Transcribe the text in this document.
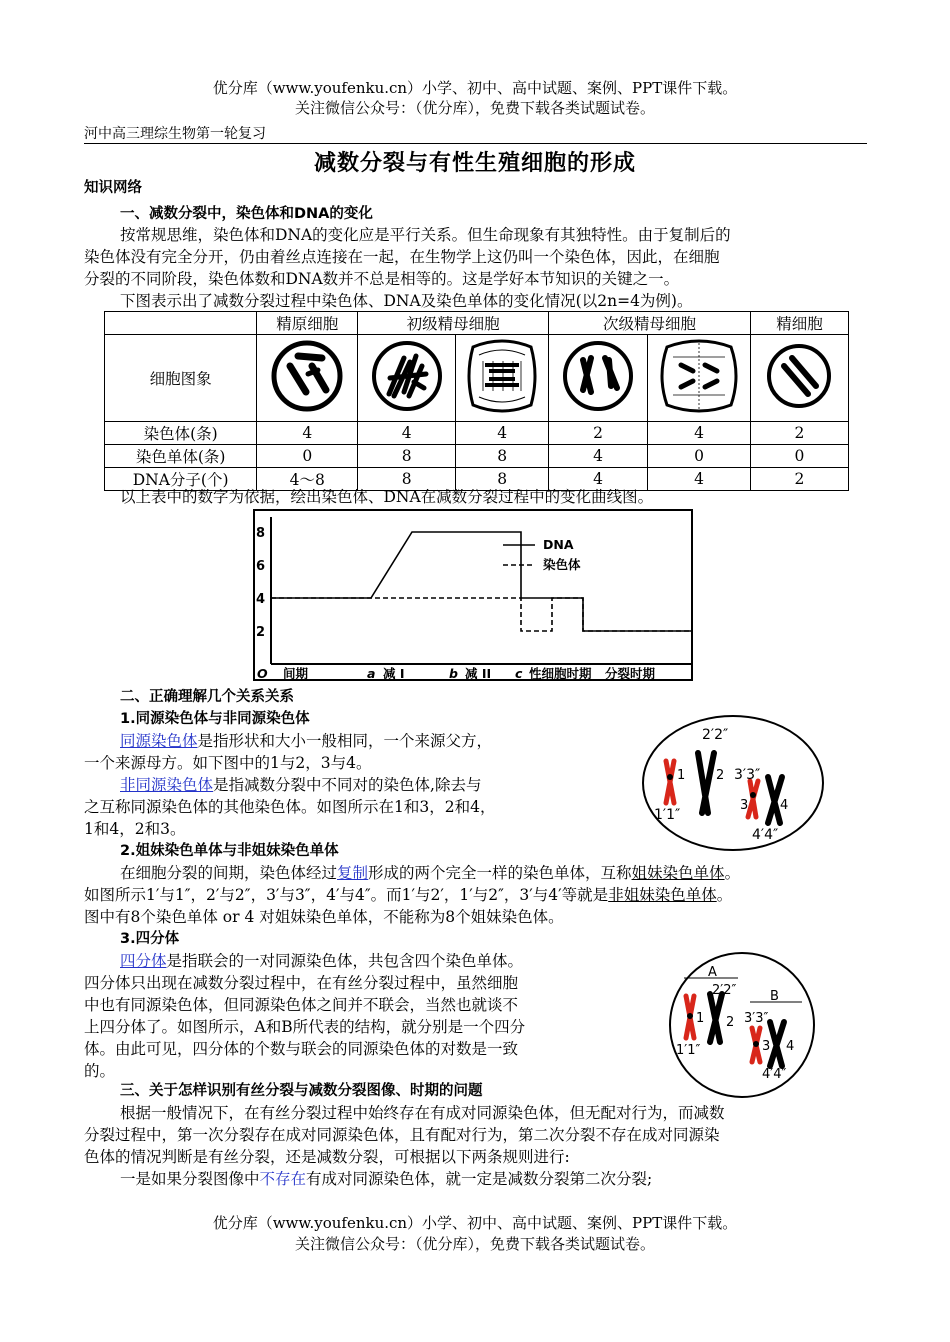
优分库（www.youfenku.cn）小学、初中、高中试题、案例、PPT课件下载。
关注微信公众号：（优分库），免费下载各类试题试卷。
河中高三理综生物第一轮复习
减数分裂与有性生殖细胞的形成
知识网络
一、减数分裂中，染色体和DNA的变化
按常规思维，染色体和DNA的变化应是平行关系。但生命现象有其独特性。由于复制后的
染色体没有完全分开，仍由着丝点连接在一起，在生物学上这仍叫一个染色体，因此，在细胞
分裂的不同阶段，染色体数和DNA数并不总是相等的。这是学好本节知识的关键之一。
下图表示出了减数分裂过程中染色体、DNA及染色单体的变化情况(以2n=4为例)。
	精原细胞	初级精母细胞		次级精母细胞		精细胞
细胞图象						
染色体(条)	4	4	4	2	4	2
染色单体(条)	0	8	8	4	0	0
DNA分子(个)	4～8	8	8	4	4	2
以上表中的数字为依据，绘出染色体、DNA在减数分裂过程中的变化曲线图。
2
4
6
8
O 间期	a 减 I	b 减 II c 性细胞时期 分裂时期
DNA
染色体
二、正确理解几个关系关系
1.同源染色体与非同源染色体
同源染色体是指形状和大小一般相同，一个来源父方，
一个来源母方。如下图中的1与2，3与4。
非同源染色体是指减数分裂中不同对的染色体,除去与
之互称同源染色体的其他染色体。如图所示在1和3，2和4，
1和4，2和3。
2′2″
1 2 3′3″
3 4
1′1″
4′4″
2.姐妹染色单体与非姐妹染色单体
在细胞分裂的间期，染色体经过复制形成的两个完全一样的染色单体，互称姐妹染色单体。
如图所示1′与1″，2′与2″，3′与3″，4′与4″。而1′与2′，1′与2″，3′与4′等就是非姐妹染色单体。
图中有8个染色单体 or 4 对姐妹染色单体，不能称为8个姐妹染色体。
3.四分体
四分体是指联会的一对同源染色体，共包含四个染色单体。
四分体只出现在减数分裂过程中，在有丝分裂过程中，虽然细胞
中也有同源染色体，但同源染色体之间并不联会，当然也就谈不
上四分体了。如图所示，A和B所代表的结构，就分别是一个四分
体。由此可见，四分体的个数与联会的同源染色体的对数是一致
的。
A
2′2″	B
3′3″
1 2
3 4
1′1″
4′4″
三、关于怎样识别有丝分裂与减数分裂图像、时期的问题
根据一般情况下，在有丝分裂过程中始终存在有成对同源染色体，但无配对行为，而减数
分裂过程中，第一次分裂存在成对同源染色体，且有配对行为，第二次分裂不存在成对同源染
色体的情况判断是有丝分裂，还是减数分裂，可根据以下两条规则进行:
一是如果分裂图像中不存在有成对同源染色体，就一定是减数分裂第二次分裂;
优分库（www.youfenku.cn）小学、初中、高中试题、案例、PPT课件下载。
关注微信公众号：（优分库），免费下载各类试题试卷。
